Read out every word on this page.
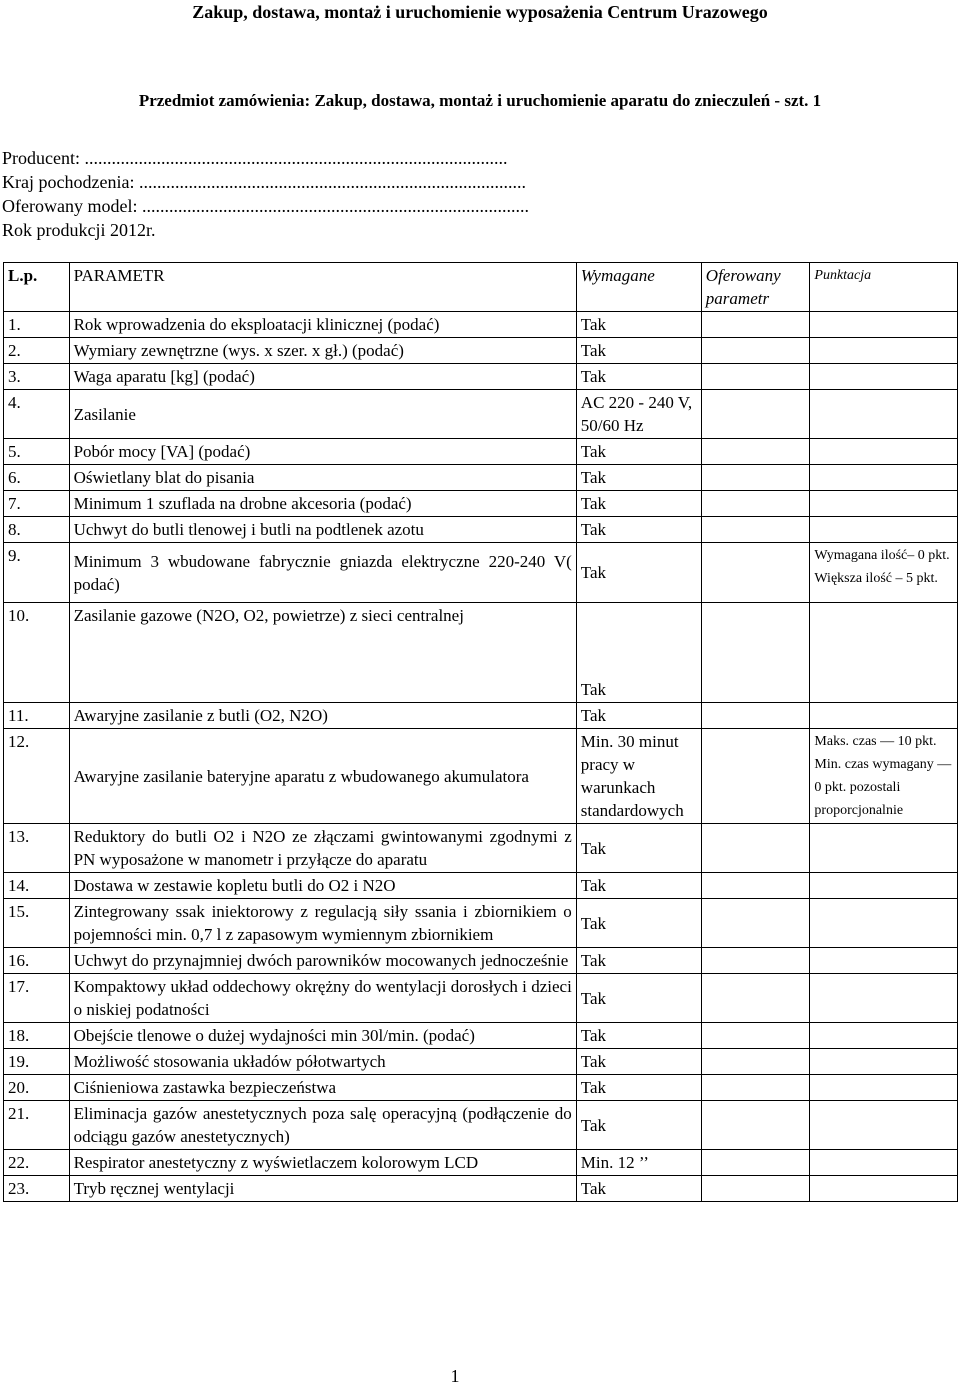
Zakup, dostawa, montaż i uruchomienie wyposażenia Centrum Urazowego
Przedmiot zamówienia: Zakup, dostawa, montaż i uruchomienie aparatu do znieczuleń - szt. 1
Producent: ..............................................................................................
Kraj pochodzenia: ......................................................................................
Oferowany model: ......................................................................................
Rok produkcji 2012r.
L.p.	PARAMETR	Wymagane	Oferowany parametr	Punktacja
1.	Rok wprowadzenia do eksploatacji klinicznej (podać)	Tak		
2.	Wymiary zewnętrzne (wys. x szer. x gł.) (podać)	Tak		
3.	Waga aparatu [kg] (podać)	Tak		
4.	Zasilanie	AC 220 - 240 V, 50/60 Hz		
5.	Pobór mocy [VA] (podać)	Tak		
6.	Oświetlany blat do pisania	Tak		
7.	Minimum 1 szuflada na drobne akcesoria (podać)	Tak		
8.	Uchwyt do butli tlenowej i butli na podtlenek azotu	Tak		
9.	Minimum 3 wbudowane fabrycznie gniazda elektryczne 220-240 V( podać)	Tak		Wymagana ilość– 0 pkt. Większa ilość – 5 pkt.
10.	Zasilanie gazowe (N2O, O2, powietrze) z sieci centralnej	Tak		
11.	Awaryjne zasilanie z butli (O2, N2O)	Tak		
12.	Awaryjne zasilanie bateryjne aparatu z wbudowanego akumulatora	Min. 30 minut pracy w warunkach standardowych		Maks. czas — 10 pkt. Min. czas wymagany — 0 pkt. pozostali proporcjonalnie
13.	Reduktory do butli O2 i N2O ze złączami gwintowanymi zgodnymi z PN wyposażone w manometr i przyłącze do aparatu	Tak		
14.	Dostawa w zestawie kopletu butli do O2 i N2O	Tak		
15.	Zintegrowany ssak iniektorowy z regulacją siły ssania i zbiornikiem o pojemności min. 0,7 l z zapasowym wymiennym zbiornikiem	Tak		
16.	Uchwyt do przynajmniej dwóch parowników mocowanych jednocześnie	Tak		
17.	Kompaktowy układ oddechowy okrężny do wentylacji dorosłych i dzieci o niskiej podatności	Tak		
18.	Obejście tlenowe o dużej wydajności min 30l/min. (podać)	Tak		
19.	Możliwość stosowania układów półotwartych	Tak		
20.	Ciśnieniowa zastawka bezpieczeństwa	Tak		
21.	Eliminacja gazów anestetycznych poza salę operacyjną (podłączenie do odciągu gazów anestetycznych)	Tak		
22.	Respirator anestetyczny z wyświetlaczem kolorowym LCD	Min. 12 ’’		
23.	Tryb ręcznej wentylacji	Tak		
1
